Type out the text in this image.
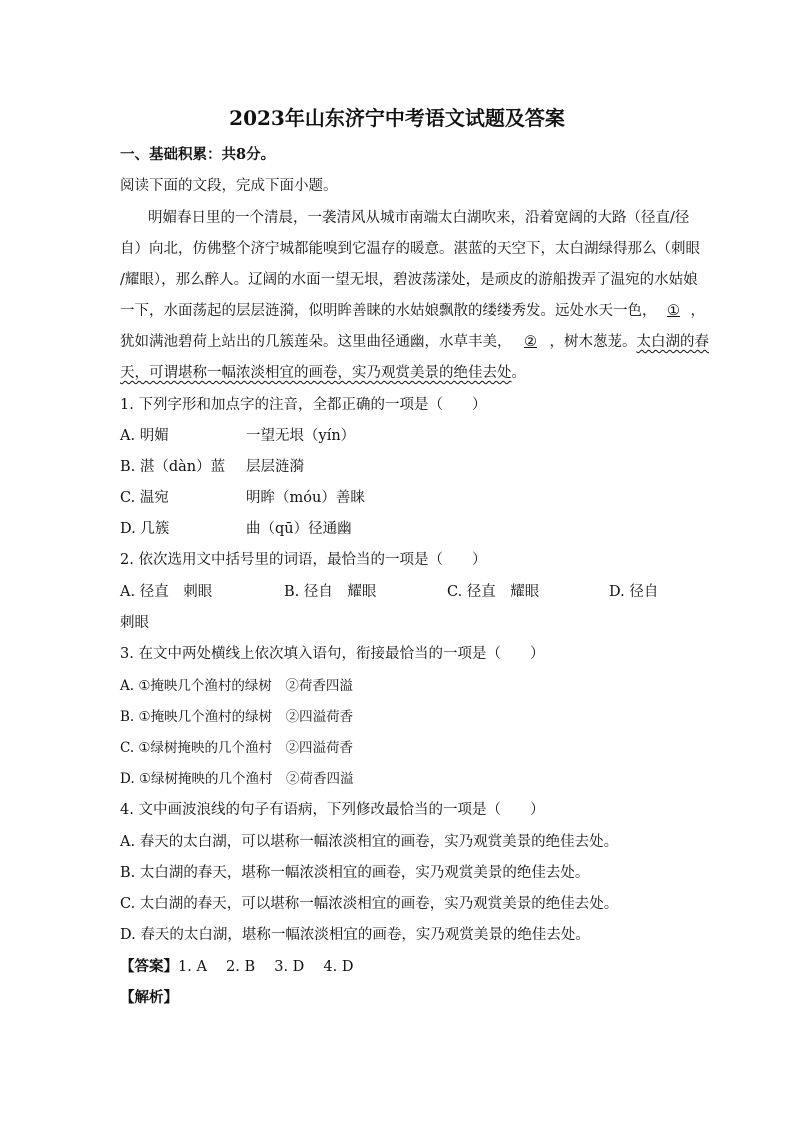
2023年山东济宁中考语文试题及答案
一、基础积累：共8分。
阅读下面的文段，完成下面小题。
明媚春日里的一个清晨，一袭清风从城市南端太白湖吹来，沿着宽阔的大路（径直/径
自）向北，仿佛整个济宁城都能嗅到它温存的暖意。湛蓝的天空下，太白湖绿得那么（刺眼
/耀眼），那么醉人。辽阔的水面一望无垠，碧波荡漾处，是顽皮的游船拨弄了温宛的水姑娘
一下，水面荡起的层层涟漪，似明眸善睐的水姑娘飘散的缕缕秀发。远处水天一色， ① ，
犹如满池碧荷上站出的几簇莲朵。这里曲径通幽，水草丰美， ② ，树木葱茏。太白湖的春
天，可谓堪称一幅浓淡相宜的画卷，实乃观赏美景的绝佳去处。
1. 下列字形和加点字的注音，全都正确的一项是（　　）
A. 明媚	一望无垠（yín）
B. 湛（dàn）蓝 层层涟漪
C. 温宛	明眸（móu）善睐
D. 几簇	曲（qū）径通幽
2. 依次选用文中括号里的词语，最恰当的一项是（　　）
A. 径直　刺眼	B. 径自　耀眼	C. 径直　耀眼	D. 径自
刺眼
3. 在文中两处横线上依次填入语句，衔接最恰当的一项是（　　）
A. ①掩映几个渔村的绿树　②荷香四溢
B. ①掩映几个渔村的绿树　②四溢荷香
C. ①绿树掩映的几个渔村　②四溢荷香
D. ①绿树掩映的几个渔村　②荷香四溢
4. 文中画波浪线的句子有语病，下列修改最恰当的一项是（　　）
A. 春天的太白湖，可以堪称一幅浓淡相宜的画卷，实乃观赏美景的绝佳去处。
B. 太白湖的春天，堪称一幅浓淡相宜的画卷，实乃观赏美景的绝佳去处。
C. 太白湖的春天，可以堪称一幅浓淡相宜的画卷，实乃观赏美景的绝佳去处。
D. 春天的太白湖，堪称一幅浓淡相宜的画卷，实乃观赏美景的绝佳去处。
【答案】1. A　 2. B　 3. D　 4. D
【解析】
